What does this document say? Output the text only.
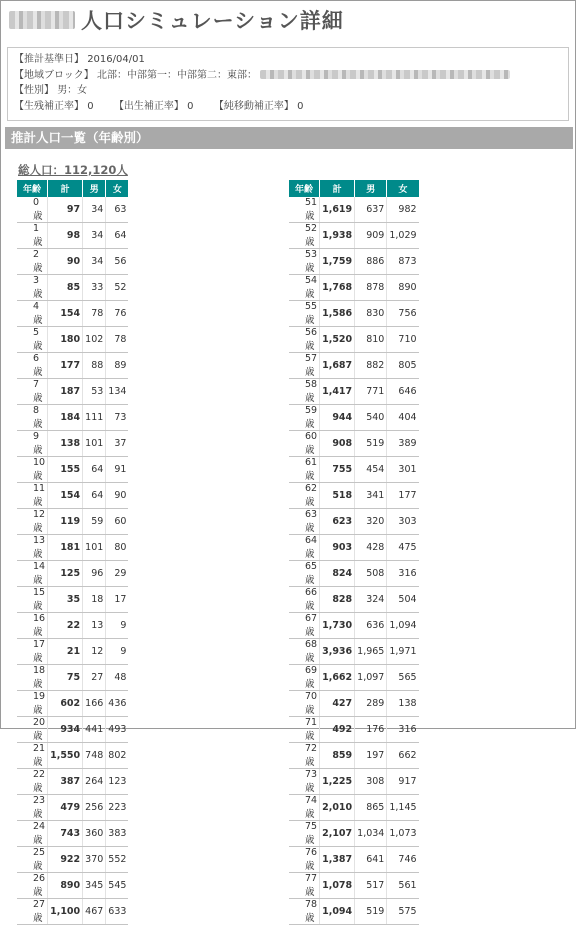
人口シミュレーション詳細
【推計基準日】 2016/04/01
【地域ブロック】 北部：中部第一：中部第二：東部：
【性別】 男：女
【生残補正率】 0 【出生補正率】 0 【純移動補正率】 0
推計人口一覧（年齢別）
総人口：112,120人
年齢	計	男	女
0歳	97	34	63
1歳	98	34	64
2歳	90	34	56
3歳	85	33	52
4歳	154	78	76
5歳	180	102	78
6歳	177	88	89
7歳	187	53	134
8歳	184	111	73
9歳	138	101	37
10歳	155	64	91
11歳	154	64	90
12歳	119	59	60
13歳	181	101	80
14歳	125	96	29
15歳	35	18	17
16歳	22	13	9
17歳	21	12	9
18歳	75	27	48
19歳	602	166	436
20歳	934	441	493
21歳	1,550	748	802
22歳	387	264	123
23歳	479	256	223
24歳	743	360	383
25歳	922	370	552
26歳	890	345	545
27歳	1,100	467	633
年齢	計	男	女
51歳	1,619	637	982
52歳	1,938	909	1,029
53歳	1,759	886	873
54歳	1,768	878	890
55歳	1,586	830	756
56歳	1,520	810	710
57歳	1,687	882	805
58歳	1,417	771	646
59歳	944	540	404
60歳	908	519	389
61歳	755	454	301
62歳	518	341	177
63歳	623	320	303
64歳	903	428	475
65歳	824	508	316
66歳	828	324	504
67歳	1,730	636	1,094
68歳	3,936	1,965	1,971
69歳	1,662	1,097	565
70歳	427	289	138
71歳	492	176	316
72歳	859	197	662
73歳	1,225	308	917
74歳	2,010	865	1,145
75歳	2,107	1,034	1,073
76歳	1,387	641	746
77歳	1,078	517	561
78歳	1,094	519	575
